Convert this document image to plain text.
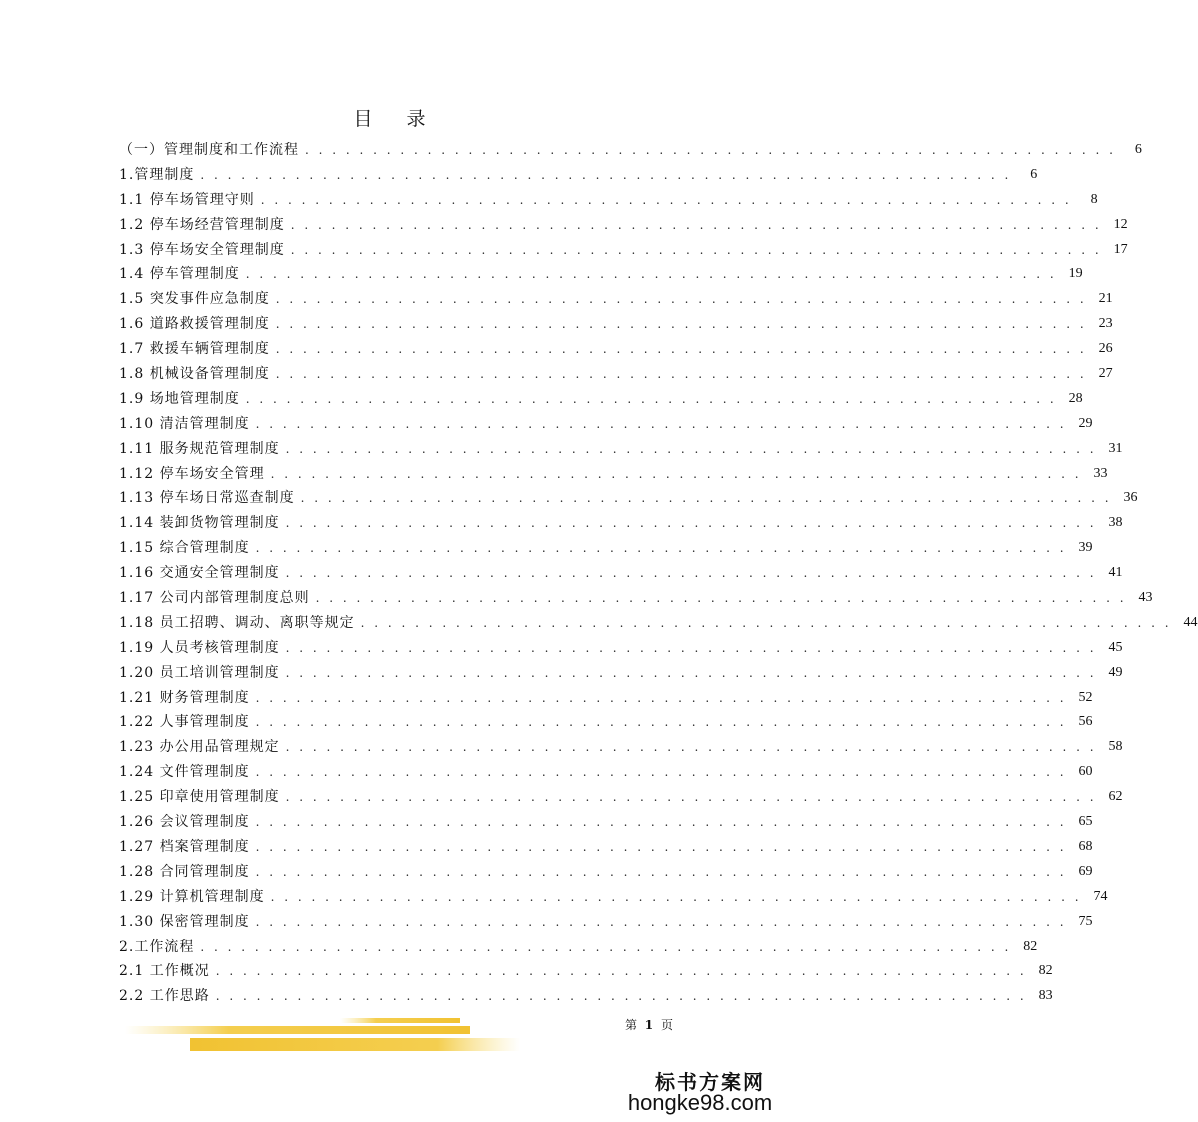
目 录
（一）管理制度和工作流程 . . . . . . . . . . . . . . . . . . . . . . . . . . . . . . . . . . . . . . . . . . . . . . . . . . . . . . . . . . . .	6
1.管理制度 . . . . . . . . . . . . . . . . . . . . . . . . . . . . . . . . . . . . . . . . . . . . . . . . . . . . . . . . . . . .	6
1.1 停车场管理守则 . . . . . . . . . . . . . . . . . . . . . . . . . . . . . . . . . . . . . . . . . . . . . . . . . . . . . . . . . . . .	8
1.2 停车场经营管理制度 . . . . . . . . . . . . . . . . . . . . . . . . . . . . . . . . . . . . . . . . . . . . . . . . . . . . . . . . . . . . 12
1.3 停车场安全管理制度 . . . . . . . . . . . . . . . . . . . . . . . . . . . . . . . . . . . . . . . . . . . . . . . . . . . . . . . . . . . . 17
1.4 停车管理制度 . . . . . . . . . . . . . . . . . . . . . . . . . . . . . . . . . . . . . . . . . . . . . . . . . . . . . . . . . . . . 19
1.5 突发事件应急制度 . . . . . . . . . . . . . . . . . . . . . . . . . . . . . . . . . . . . . . . . . . . . . . . . . . . . . . . . . . . . 21
1.6 道路救援管理制度 . . . . . . . . . . . . . . . . . . . . . . . . . . . . . . . . . . . . . . . . . . . . . . . . . . . . . . . . . . . . 23
1.7 救援车辆管理制度 . . . . . . . . . . . . . . . . . . . . . . . . . . . . . . . . . . . . . . . . . . . . . . . . . . . . . . . . . . . . 26
1.8 机械设备管理制度 . . . . . . . . . . . . . . . . . . . . . . . . . . . . . . . . . . . . . . . . . . . . . . . . . . . . . . . . . . . . 27
1.9 场地管理制度 . . . . . . . . . . . . . . . . . . . . . . . . . . . . . . . . . . . . . . . . . . . . . . . . . . . . . . . . . . . . 28
1.10 清洁管理制度 . . . . . . . . . . . . . . . . . . . . . . . . . . . . . . . . . . . . . . . . . . . . . . . . . . . . . . . . . . . . 29
1.11 服务规范管理制度 . . . . . . . . . . . . . . . . . . . . . . . . . . . . . . . . . . . . . . . . . . . . . . . . . . . . . . . . . . . . 31
1.12 停车场安全管理 . . . . . . . . . . . . . . . . . . . . . . . . . . . . . . . . . . . . . . . . . . . . . . . . . . . . . . . . . . . . 33
1.13 停车场日常巡查制度 . . . . . . . . . . . . . . . . . . . . . . . . . . . . . . . . . . . . . . . . . . . . . . . . . . . . . . . . . . . . 36
1.14 装卸货物管理制度 . . . . . . . . . . . . . . . . . . . . . . . . . . . . . . . . . . . . . . . . . . . . . . . . . . . . . . . . . . . . 38
1.15 综合管理制度 . . . . . . . . . . . . . . . . . . . . . . . . . . . . . . . . . . . . . . . . . . . . . . . . . . . . . . . . . . . . 39
1.16 交通安全管理制度 . . . . . . . . . . . . . . . . . . . . . . . . . . . . . . . . . . . . . . . . . . . . . . . . . . . . . . . . . . . . 41
1.17 公司内部管理制度总则 . . . . . . . . . . . . . . . . . . . . . . . . . . . . . . . . . . . . . . . . . . . . . . . . . . . . . . . . . . . . 43
1.18 员工招聘、调动、离职等规定 . . . . . . . . . . . . . . . . . . . . . . . . . . . . . . . . . . . . . . . . . . . . . . . . . . . . . . . . . . . . 44
1.19 人员考核管理制度 . . . . . . . . . . . . . . . . . . . . . . . . . . . . . . . . . . . . . . . . . . . . . . . . . . . . . . . . . . . . 45
1.20 员工培训管理制度 . . . . . . . . . . . . . . . . . . . . . . . . . . . . . . . . . . . . . . . . . . . . . . . . . . . . . . . . . . . . 49
1.21 财务管理制度 . . . . . . . . . . . . . . . . . . . . . . . . . . . . . . . . . . . . . . . . . . . . . . . . . . . . . . . . . . . . 52
1.22 人事管理制度 . . . . . . . . . . . . . . . . . . . . . . . . . . . . . . . . . . . . . . . . . . . . . . . . . . . . . . . . . . . . 56
1.23 办公用品管理规定 . . . . . . . . . . . . . . . . . . . . . . . . . . . . . . . . . . . . . . . . . . . . . . . . . . . . . . . . . . . . 58
1.24 文件管理制度 . . . . . . . . . . . . . . . . . . . . . . . . . . . . . . . . . . . . . . . . . . . . . . . . . . . . . . . . . . . . 60
1.25 印章使用管理制度 . . . . . . . . . . . . . . . . . . . . . . . . . . . . . . . . . . . . . . . . . . . . . . . . . . . . . . . . . . . . 62
1.26 会议管理制度 . . . . . . . . . . . . . . . . . . . . . . . . . . . . . . . . . . . . . . . . . . . . . . . . . . . . . . . . . . . . 65
1.27 档案管理制度 . . . . . . . . . . . . . . . . . . . . . . . . . . . . . . . . . . . . . . . . . . . . . . . . . . . . . . . . . . . . 68
1.28 合同管理制度 . . . . . . . . . . . . . . . . . . . . . . . . . . . . . . . . . . . . . . . . . . . . . . . . . . . . . . . . . . . . 69
1.29 计算机管理制度 . . . . . . . . . . . . . . . . . . . . . . . . . . . . . . . . . . . . . . . . . . . . . . . . . . . . . . . . . . . . 74
1.30 保密管理制度 . . . . . . . . . . . . . . . . . . . . . . . . . . . . . . . . . . . . . . . . . . . . . . . . . . . . . . . . . . . . 75
2.工作流程 . . . . . . . . . . . . . . . . . . . . . . . . . . . . . . . . . . . . . . . . . . . . . . . . . . . . . . . . . . . . 82
2.1 工作概况 . . . . . . . . . . . . . . . . . . . . . . . . . . . . . . . . . . . . . . . . . . . . . . . . . . . . . . . . . . . . 82
2.2 工作思路 . . . . . . . . . . . . . . . . . . . . . . . . . . . . . . . . . . . . . . . . . . . . . . . . . . . . . . . . . . . . 83
第 1 页
标书方案网
hongke98.com
